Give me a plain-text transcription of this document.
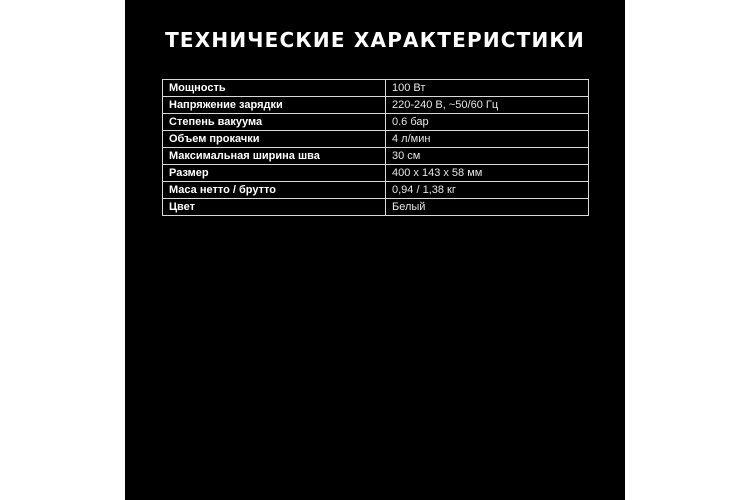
ТЕХНИЧЕСКИЕ ХАРАКТЕРИСТИКИ
Мощность	100 Вт
Напряжение зарядки	220-240 В, ~50/60 Гц
Степень вакуума	0.6 бар
Объем прокачки	4 л/мин
Максимальная ширина шва	30 см
Размер	400 х 143 х 58 мм
Маса нетто / брутто	0,94 / 1,38 кг
Цвет	Белый
